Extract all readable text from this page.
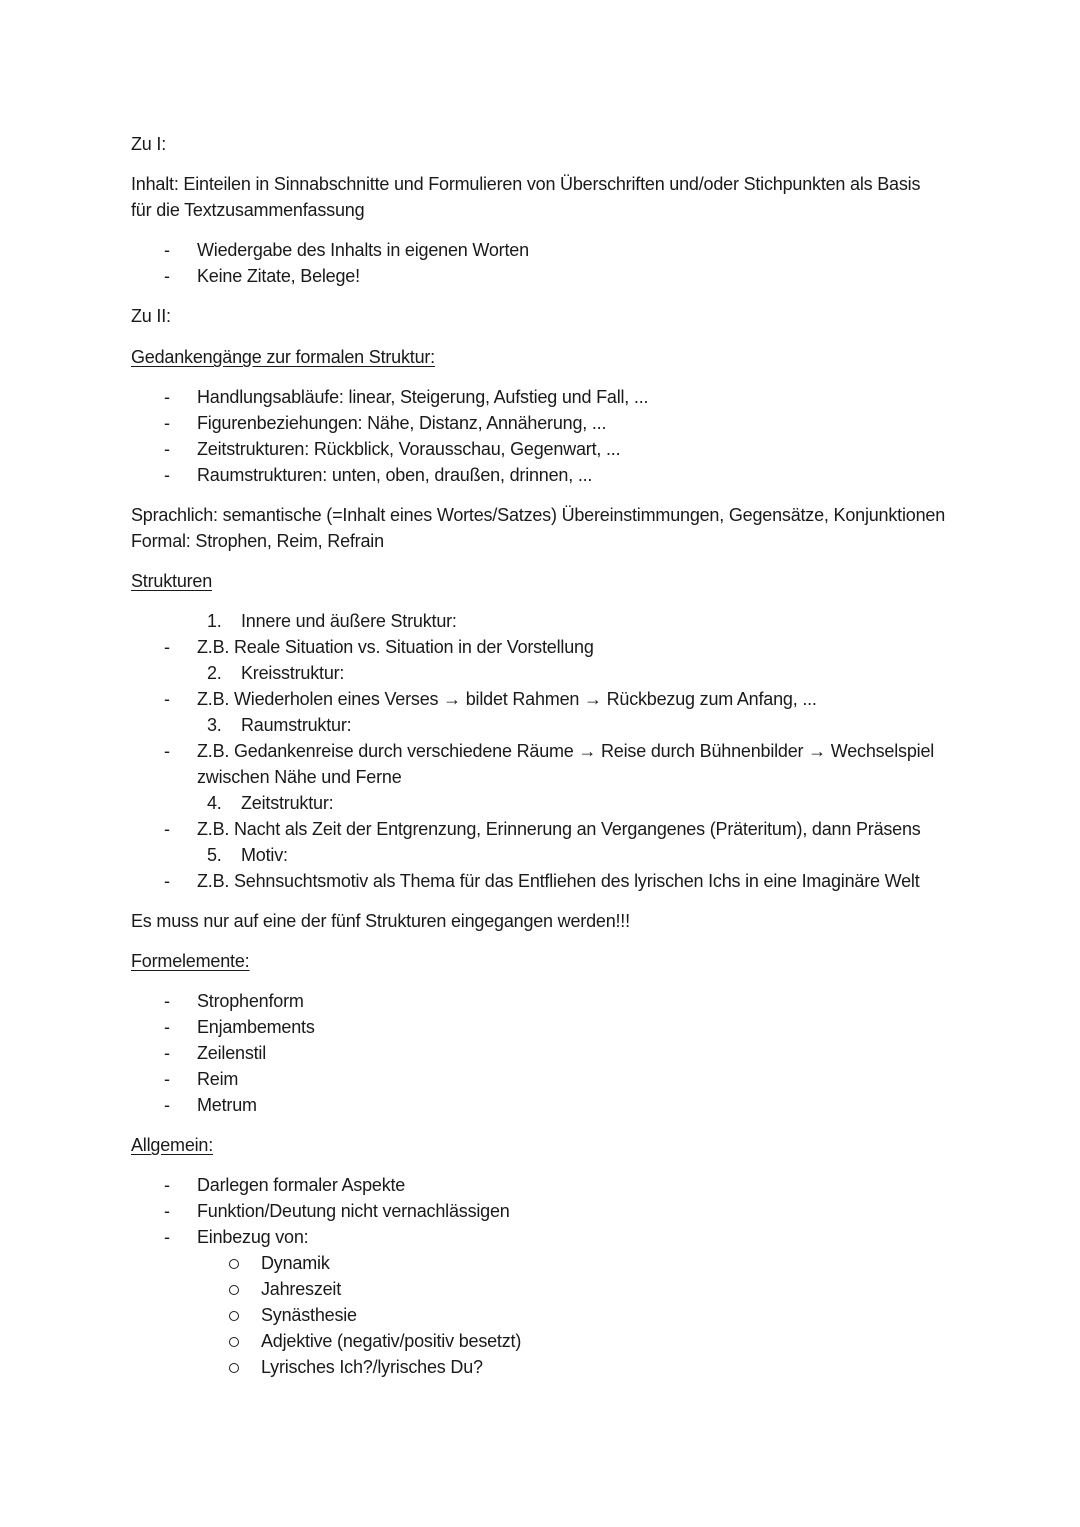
Zu I:
Inhalt: Einteilen in Sinnabschnitte und Formulieren von Überschriften und/oder Stichpunkten als Basis
für die Textzusammenfassung
- Wiedergabe des Inhalts in eigenen Worten
- Keine Zitate, Belege!
Zu II:
Gedankengänge zur formalen Struktur:
- Handlungsabläufe: linear, Steigerung, Aufstieg und Fall, ...
- Figurenbeziehungen: Nähe, Distanz, Annäherung, ...
- Zeitstrukturen: Rückblick, Vorausschau, Gegenwart, ...
- Raumstrukturen: unten, oben, draußen, drinnen, ...
Sprachlich: semantische (=Inhalt eines Wortes/Satzes) Übereinstimmungen, Gegensätze, Konjunktionen
Formal: Strophen, Reim, Refrain
Strukturen
1. Innere und äußere Struktur:
- Z.B. Reale Situation vs. Situation in der Vorstellung
2. Kreisstruktur:
- Z.B. Wiederholen eines Verses → bildet Rahmen → Rückbezug zum Anfang, ...
3. Raumstruktur:
- Z.B. Gedankenreise durch verschiedene Räume → Reise durch Bühnenbilder → Wechselspiel
zwischen Nähe und Ferne
4. Zeitstruktur:
- Z.B. Nacht als Zeit der Entgrenzung, Erinnerung an Vergangenes (Präteritum), dann Präsens
5. Motiv:
- Z.B. Sehnsuchtsmotiv als Thema für das Entfliehen des lyrischen Ichs in eine Imaginäre Welt
Es muss nur auf eine der fünf Strukturen eingegangen werden!!!
Formelemente:
- Strophenform
- Enjambements
- Zeilenstil
- Reim
- Metrum
Allgemein:
- Darlegen formaler Aspekte
- Funktion/Deutung nicht vernachlässigen
- Einbezug von:
Dynamik
Jahreszeit
Synästhesie
Adjektive (negativ/positiv besetzt)
Lyrisches Ich?/lyrisches Du?
